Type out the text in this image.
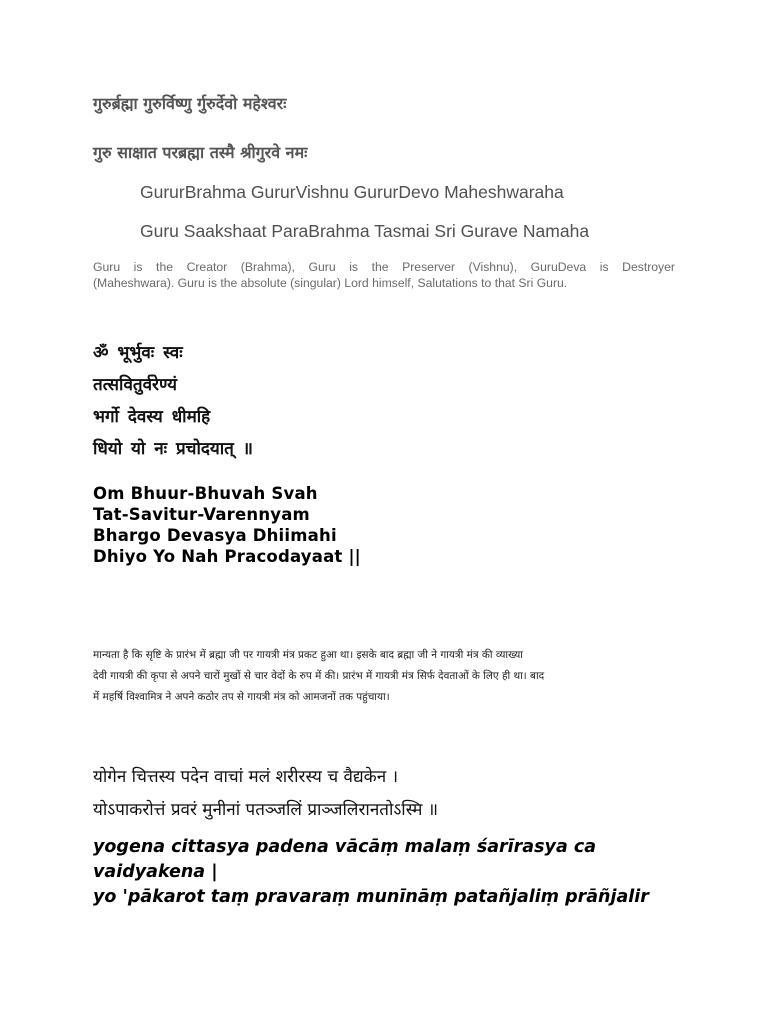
गुरुर्ब्रह्मा गुरुर्विष्णु र्गुरुर्देवो महेश्वरः
गुरु साक्षात परब्रह्मा तस्मै श्रीगुरवे नमः
GururBrahma GururVishnu GururDevo Maheshwaraha
Guru Saakshaat ParaBrahma Tasmai Sri Gurave Namaha
Guru is the Creator (Brahma), Guru is the Preserver (Vishnu), GuruDeva is Destroyer
(Maheshwara). Guru is the absolute (singular) Lord himself, Salutations to that Sri Guru.
ॐ भूर्भुवः स्वः
तत्सवितुर्वरेण्यं
भर्गो देवस्य धीमहि
धियो यो नः प्रचोदयात् ॥
Om Bhuur-Bhuvah Svah
Tat-Savitur-Varennyam
Bhargo Devasya Dhiimahi
Dhiyo Yo Nah Pracodayaat ||
मान्यता है कि सृष्टि के प्रारंभ में ब्रह्मा जी पर गायत्री मंत्र प्रकट हुआ था। इसके बाद ब्रह्मा जी ने गायत्री मंत्र की व्याख्या
देवी गायत्री की कृपा से अपने चारों मुखों से चार वेदों के रुप में की। प्रारंभ में गायत्री मंत्र सिर्फ देवताओं के लिए ही था। बाद
में महर्षि विश्वामित्र ने अपने कठोर तप से गायत्री मंत्र को आमजनों तक पहुंचाया।
योगेन चित्तस्य पदेन वाचां मलं शरीरस्य च वैद्यकेन ।
योऽपाकरोत्तं प्रवरं मुनीनां पतञ्जलिं प्राञ्जलिरानतोऽस्मि ॥
yogena cittasya padena vācāṃ malaṃ śarīrasya ca
vaidyakena |
yo 'pākarot taṃ pravaraṃ munīnāṃ patañjaliṃ prāñjalir
